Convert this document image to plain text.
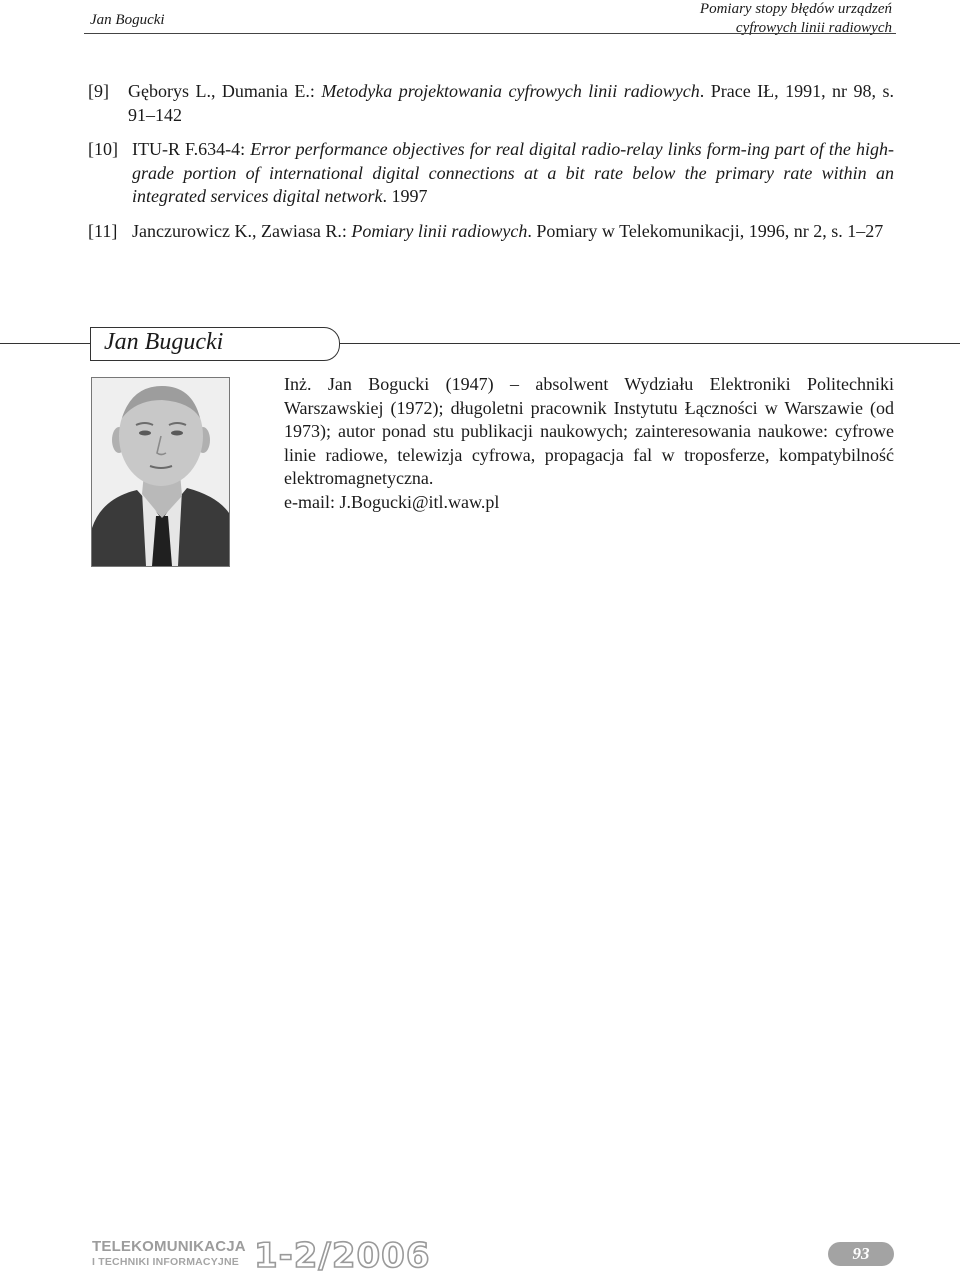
Jan Bogucki
Pomiary stopy błędów urządzeń
cyfrowych linii radiowych
[9]	Gęborys L., Dumania E.: Metodyka projektowania cyfrowych linii radiowych. Prace IŁ, 1991, nr 98, s. 91–142
[10] ITU-R F.634-4: Error performance objectives for real digital radio-relay links form-ing part of the high-grade portion of international digital connections at a bit rate below the primary rate within an integrated services digital network. 1997
[11] Janczurowicz K., Zawiasa R.: Pomiary linii radiowych. Pomiary w Telekomunikacji, 1996, nr 2, s. 1–27
Jan Bugucki

Inż. Jan Bogucki (1947) – absolwent Wydziału Elektroniki Politechniki Warszawskiej (1972); długoletni pracownik Instytutu Łączności w Warszawie (od 1973); autor ponad stu publikacji naukowych; zainteresowania naukowe: cyfrowe linie radiowe, telewizja cyfrowa, propagacja fal w troposferze, kompatybilność elektromagnetyczna.

e-mail: J.Bogucki@itl.waw.pl

TELEKOMUNIKACJA
I TECHNIKI INFORMACYJNE 1-2/2006	93
